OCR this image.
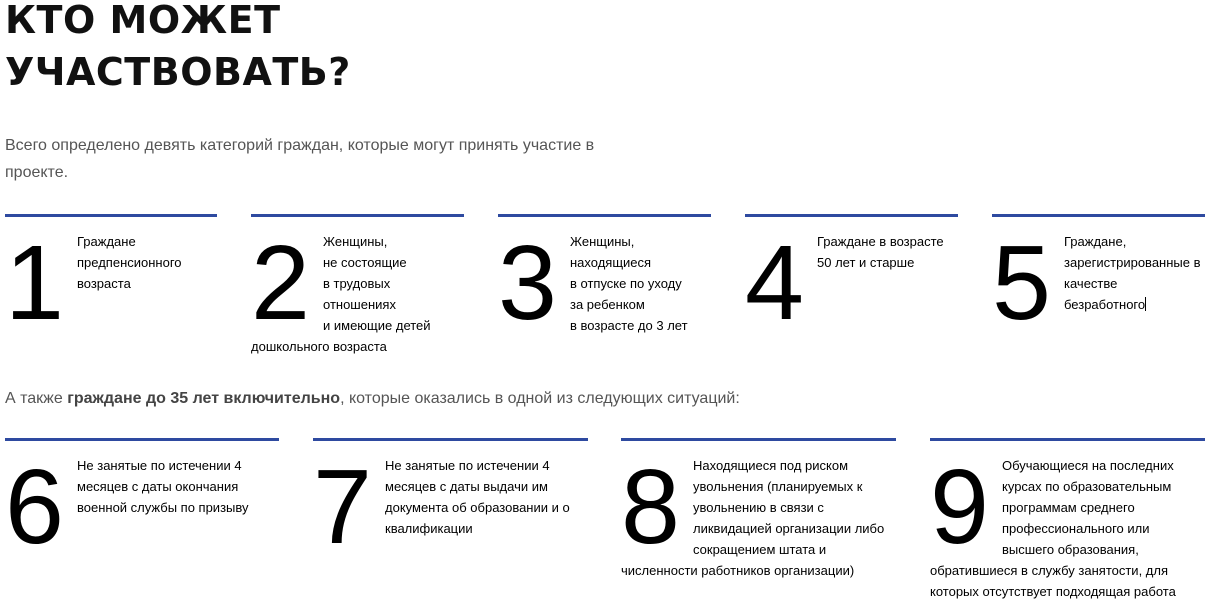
КТО МОЖЕТ
УЧАСТВОВАТЬ?
Всего определено девять категорий граждан, которые могут принять участие в проекте.
1 Граждане
предпенсионного
возраста	2	Женщины,
не состоящие
в трудовых
отношениях
и имеющие детей
дошкольного возраста
3 Женщины,
находящиеся
в отпуске по уходу
за ребенком
в возрасте до 3 лет 4 Граждане в возрасте
50 лет и старше 5 Граждане,
зарегистрированные в
качестве
безработного
А также граждане до 35 лет включительно, которые оказались в одной из следующих ситуаций:
6 Не занятые по истечении 4
месяцев с даты окончания
военной службы по призыву 7 Не занятые по истечении 4
месяцев с даты выдачи им
документа об образовании и о
квалификации	8	Находящиеся под риском
увольнения (планируемых к
увольнению в связи с
ликвидацией организации либо
сокращением штата и
численности работников организации)
9	Обучающиеся на последних
курсах по образовательным
программам среднего
профессионального или
высшего образования,
обратившиеся в службу занятости, для
которых отсутствует подходящая работа
